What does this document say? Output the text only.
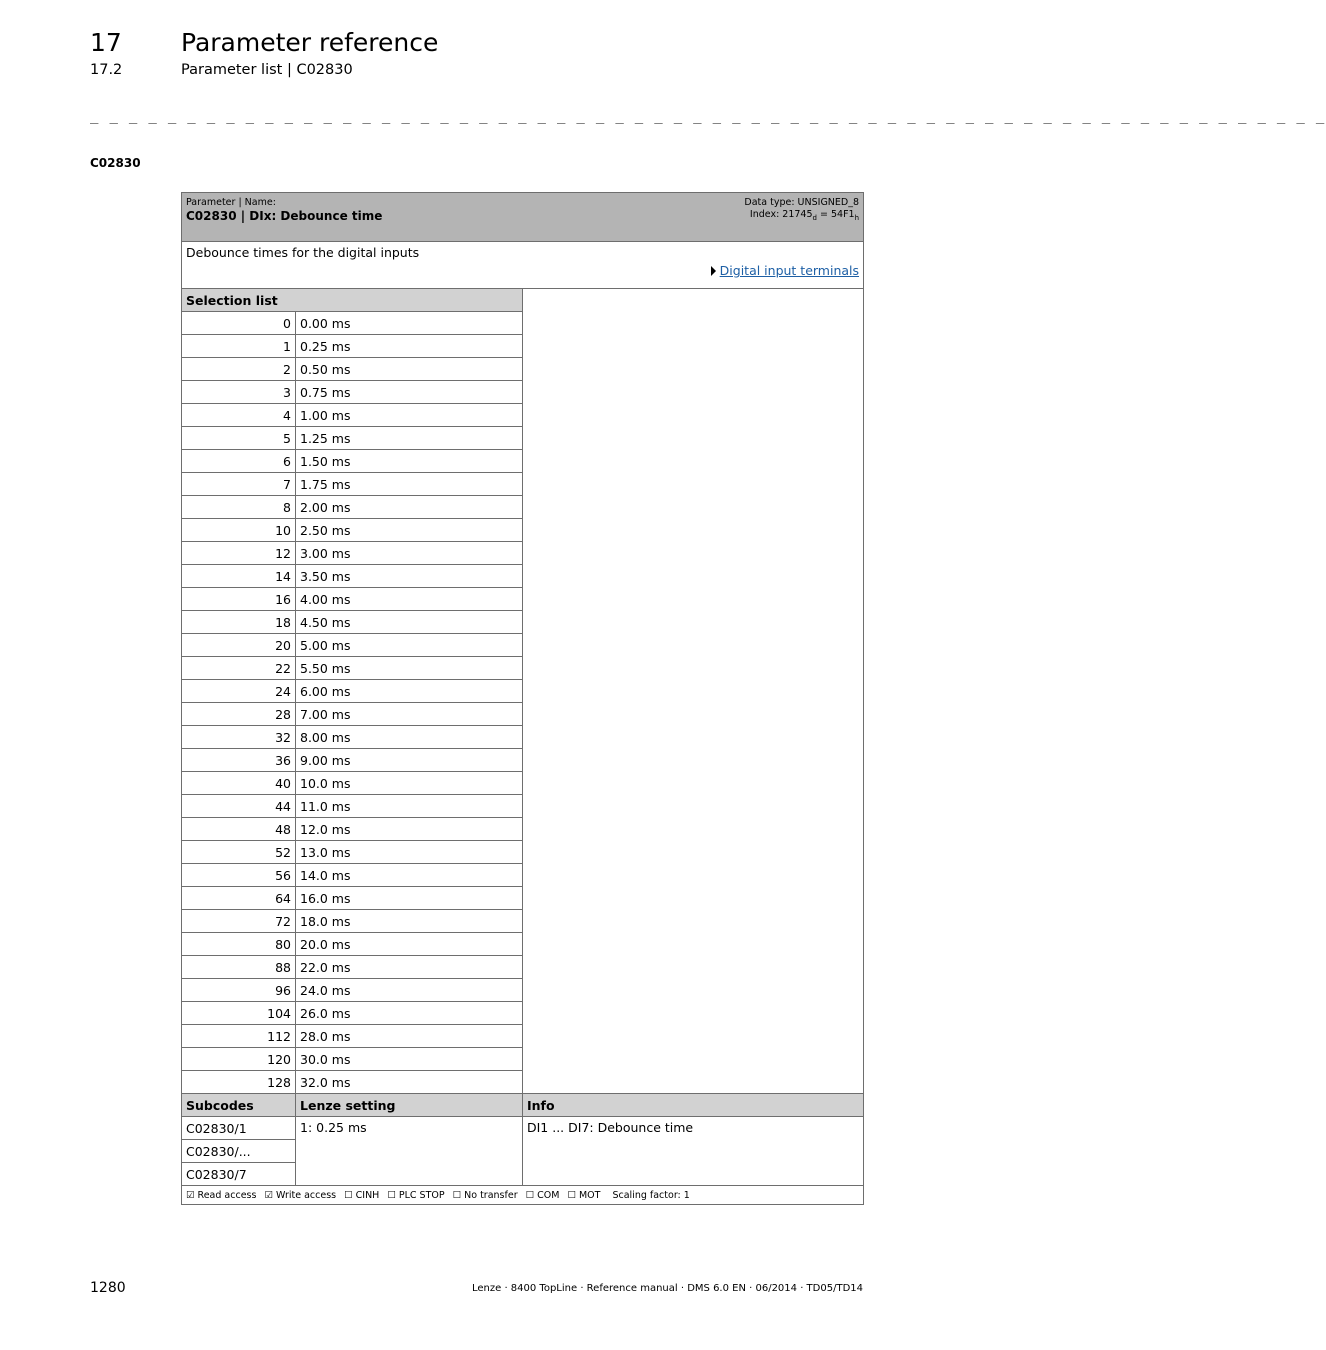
17 Parameter reference
17.2	Parameter list | C02830
_ _ _ _ _ _ _ _ _ _ _ _ _ _ _ _ _ _ _ _ _ _ _ _ _ _ _ _ _ _ _ _ _ _ _ _ _ _ _ _ _ _ _ _ _ _ _ _ _ _ _ _ _ _ _ _ _ _ _ _ _ _ _ _
C02830
Data type: UNSIGNED_8
Index: $21745_d = 54F1_h$
Parameter | Name:
C02830 | DIx: Debounce time		

Debounce times for the digital inputs
Digital input terminals		

Selection list		
0	0.00 ms	
1	0.25 ms	
2	0.50 ms	
3	0.75 ms	
4	1.00 ms	
5	1.25 ms	
6	1.50 ms	
7	1.75 ms	
8	2.00 ms	
10	2.50 ms	
12	3.00 ms	
14	3.50 ms	
16	4.00 ms	
18	4.50 ms	
20	5.00 ms	
22	5.50 ms	
24	6.00 ms	
28	7.00 ms	
32	8.00 ms	
36	9.00 ms	
40	10.0 ms	
44	11.0 ms	
48	12.0 ms	
52	13.0 ms	
56	14.0 ms	
64	16.0 ms	
72	18.0 ms	
80	20.0 ms	
88	22.0 ms	
96	24.0 ms	
104	26.0 ms	
112	28.0 ms	
120	30.0 ms	
128	32.0 ms	
Subcodes	Lenze setting	Info
C02830/1	1: 0.25 ms	DI1 ... DI7: Debounce time
C02830/...		
C02830/7		
☑ Read access ☑ Write access ☐ CINH ☐ PLC STOP ☐ No transfer ☐ COM ☐ MOT Scaling factor: 1		
1280	Lenze · 8400 TopLine · Reference manual · DMS 6.0 EN · 06/2014 · TD05/TD14
